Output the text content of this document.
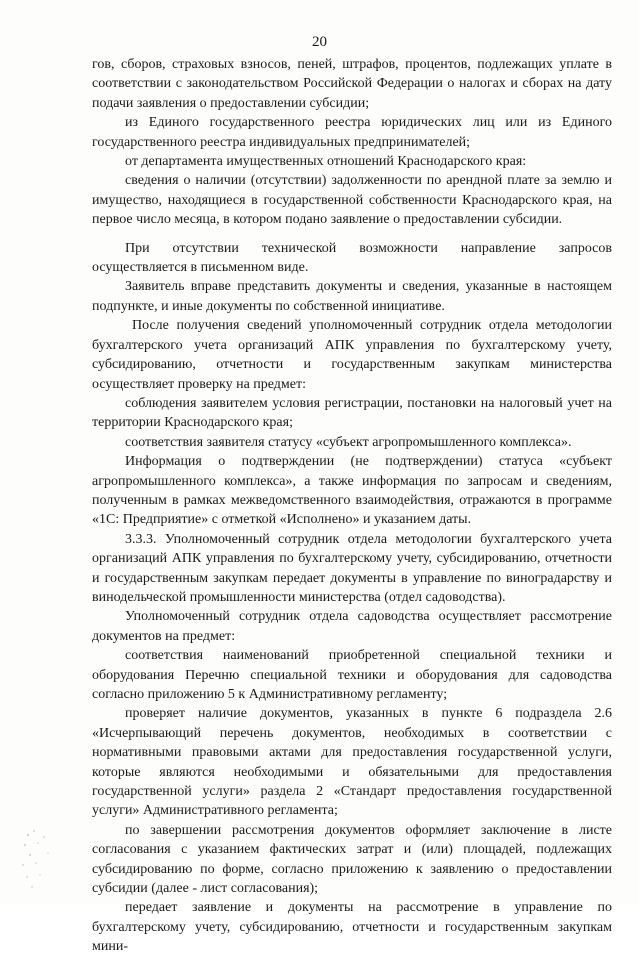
20

гов, сборов, страховых взносов, пеней, штрафов, процентов, подлежащих уплате в соответствии с законодательством Российской Федерации о налогах и сборах на дату подачи заявления о предоставлении субсидии;

из Единого государственного реестра юридических лиц или из Единого государственного реестра индивидуальных предпринимателей;

от департамента имущественных отношений Краснодарского края:

сведения о наличии (отсутствии) задолженности по арендной плате за землю и имущество, находящиеся в государственной собственности Краснодарского края, на первое число месяца, в котором подано заявление о предоставлении субсидии.

При отсутствии технической возможности направление запросов осуществляется в письменном виде.

Заявитель вправе представить документы и сведения, указанные в настоящем подпункте, и иные документы по собственной инициативе.

После получения сведений уполномоченный сотрудник отдела методологии бухгалтерского учета организаций АПК управления по бухгалтерскому учету, субсидированию, отчетности и государственным закупкам министерства осуществляет проверку на предмет:

соблюдения заявителем условия регистрации, постановки на налоговый учет на территории Краснодарского края;

соответствия заявителя статусу «субъект агропромышленного комплекса».

Информация о подтверждении (не подтверждении) статуса «субъект агропромышленного комплекса», а также информация по запросам и сведениям, полученным в рамках межведомственного взаимодействия, отражаются в программе «1С: Предприятие» с отметкой «Исполнено» и указанием даты.

3.3.3. Уполномоченный сотрудник отдела методологии бухгалтерского учета организаций АПК управления по бухгалтерскому учету, субсидированию, отчетности и государственным закупкам передает документы в управление по виноградарству и винодельческой промышленности министерства (отдел садоводства).

Уполномоченный сотрудник отдела садоводства осуществляет рассмотрение документов на предмет:

соответствия наименований приобретенной специальной техники и оборудования Перечню специальной техники и оборудования для садоводства согласно приложению 5 к Административному регламенту;

проверяет наличие документов, указанных в пункте 6 подраздела 2.6 «Исчерпывающий перечень документов, необходимых в соответствии с нормативными правовыми актами для предоставления государственной услуги, которые являются необходимыми и обязательными для предоставления государственной услуги» раздела 2 «Стандарт предоставления государственной услуги» Административного регламента;

по завершении рассмотрения документов оформляет заключение в листе согласования с указанием фактических затрат и (или) площадей, подлежащих субсидированию по форме, согласно приложению к заявлению о предоставлении субсидии (далее - лист согласования);

передает заявление и документы на рассмотрение в управление по бухгалтерскому учету, субсидированию, отчетности и государственным закупкам мини-
